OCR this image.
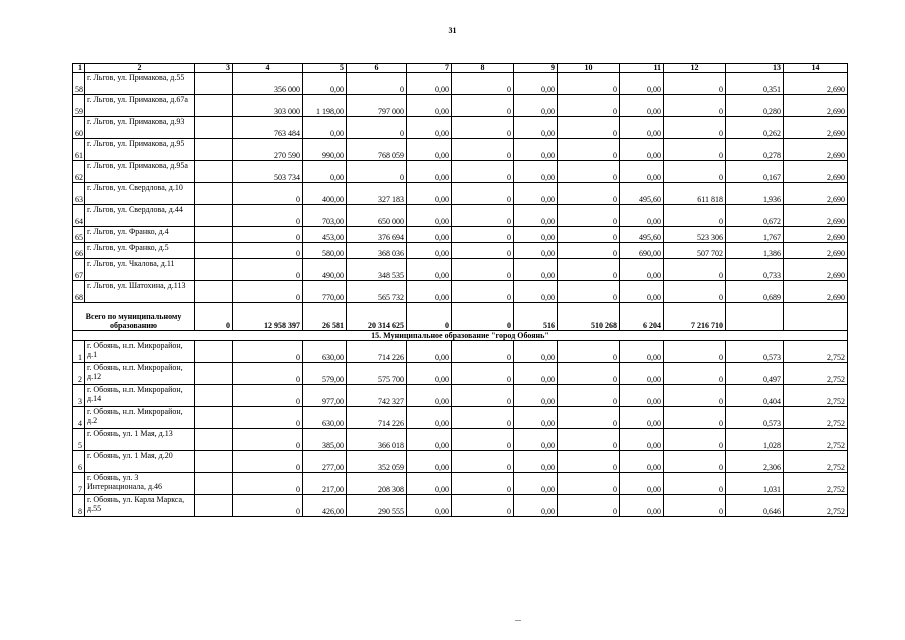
31
1	2	3	4	5	6	7	8	9	10	11	12	13	14
58	г. Льгов, ул. Примакова, д.55		356 000	0,00	0	0,00	0	0,00	0	0,00	0	0,351	2,690
59	г. Льгов, ул. Примакова, д.67а		303 000	1 198,00	797 000	0,00	0	0,00	0	0,00	0	0,280	2,690
60	г. Льгов, ул. Примакова, д.93		763 484	0,00	0	0,00	0	0,00	0	0,00	0	0,262	2,690
61	г. Льгов, ул. Примакова, д.95		270 590	990,00	768 059	0,00	0	0,00	0	0,00	0	0,278	2,690
62	г. Льгов, ул. Примакова, д.95а		503 734	0,00	0	0,00	0	0,00	0	0,00	0	0,167	2,690
63	г. Льгов, ул. Свердлова, д.10		0	400,00	327 183	0,00	0	0,00	0	495,60	611 818	1,936	2,690
64	г. Льгов, ул. Свердлова, д.44		0	703,00	650 000	0,00	0	0,00	0	0,00	0	0,672	2,690
65	г. Льгов, ул. Франко, д.4		0	453,00	376 694	0,00	0	0,00	0	495,60	523 306	1,767	2,690
66	г. Льгов, ул. Франко, д.5		0	580,00	368 036	0,00	0	0,00	0	690,00	507 702	1,386	2,690
67	г. Льгов, ул. Чкалова, д.11		0	490,00	348 535	0,00	0	0,00	0	0,00	0	0,733	2,690
68	г. Льгов, ул. Шатохина, д.113		0	770,00	565 732	0,00	0	0,00	0	0,00	0	0,689	2,690
Всего по муниципальному образованию		0	12 958 397	26 581	20 314 625	0	0	516	510 268	6 204	7 216 710		
15. Муниципальное образование "город Обоянь"													
1	г. Обоянь, н.п. Микрорайон, д.1		0	630,00	714 226	0,00	0	0,00	0	0,00	0	0,573	2,752
2	г. Обоянь, н.п. Микрорайон, д.12		0	579,00	575 700	0,00	0	0,00	0	0,00	0	0,497	2,752
3	г. Обоянь, н.п. Микрорайон, д.14		0	977,00	742 327	0,00	0	0,00	0	0,00	0	0,404	2,752
4	г. Обоянь, н.п. Микрорайон, д.2		0	630,00	714 226	0,00	0	0,00	0	0,00	0	0,573	2,752
5	г. Обоянь, ул. 1 Мая, д.13		0	385,00	366 018	0,00	0	0,00	0	0,00	0	1,028	2,752
6	г. Обоянь, ул. 1 Мая, д.20		0	277,00	352 059	0,00	0	0,00	0	0,00	0	2,306	2,752
7	г. Обоянь, ул. 3 Интернационала, д.46		0	217,00	208 308	0,00	0	0,00	0	0,00	0	1,031	2,752
8	г. Обоянь, ул. Карла Маркса, д.55		0	426,00	290 555	0,00	0	0,00	0	0,00	0	0,646	2,752
